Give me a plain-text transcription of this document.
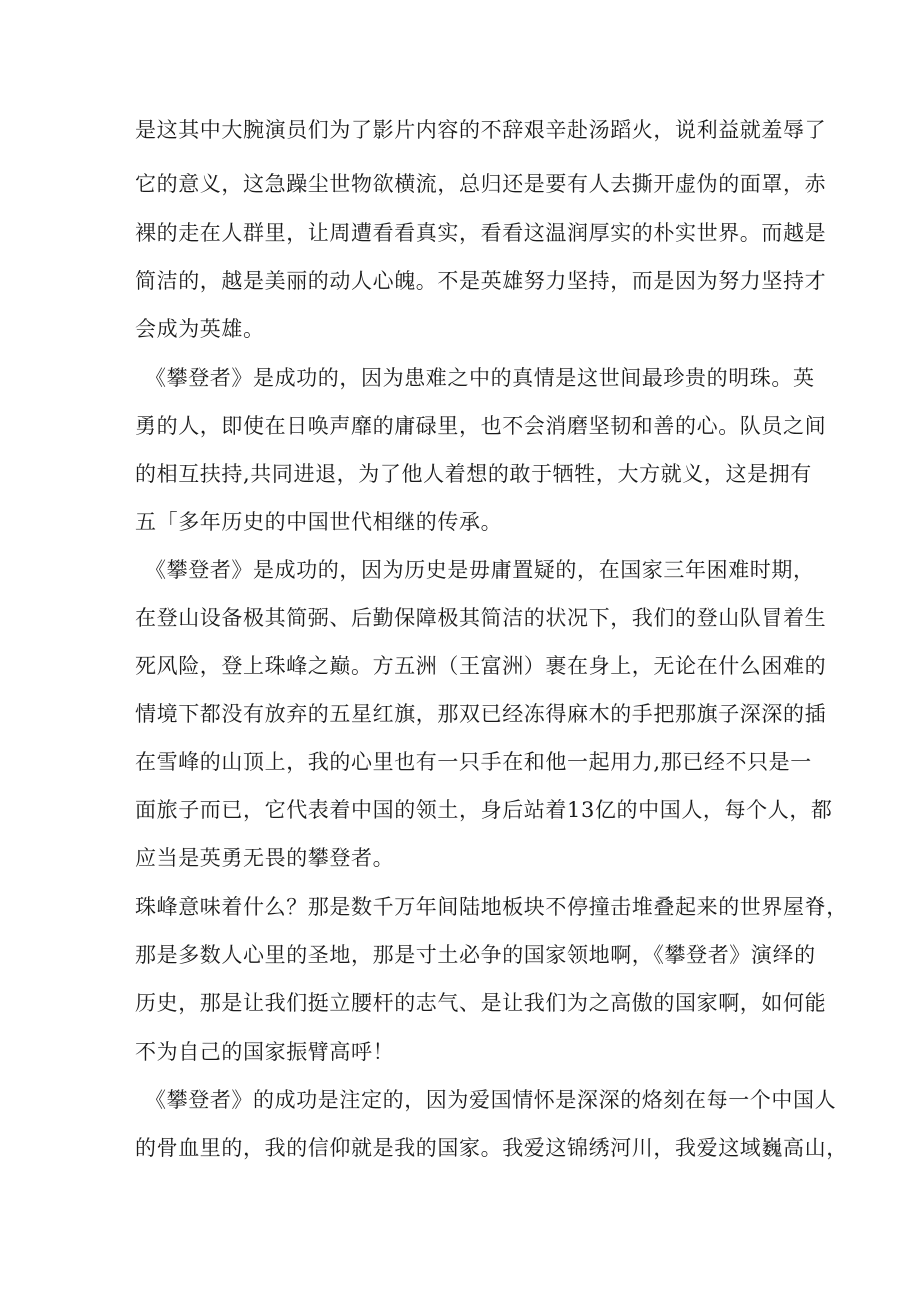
是这其中大腕演员们为了影片内容的不辞艰辛赴汤蹈火，说利益就羞辱了
它的意义，这急躁尘世物欲横流，总归还是要有人去撕开虚伪的面罩，赤
裸的走在人群里，让周遭看看真实，看看这温润厚实的朴实世界。而越是
简洁的，越是美丽的动人心魄。不是英雄努力坚持，而是因为努力坚持才
会成为英雄。
《攀登者》是成功的，因为患难之中的真情是这世间最珍贵的明珠。英
勇的人，即使在日唤声靡的庸碌里，也不会消磨坚韧和善的心。队员之间
的相互扶持,共同进退，为了他人着想的敢于牺牲，大方就义，这是拥有
五「多年历史的中国世代相继的传承。
《攀登者》是成功的，因为历史是毋庸置疑的，在国家三年困难时期，
在登山设备极其简弼、后勤保障极其简洁的状况下，我们的登山队冒着生
死风险，登上珠峰之巅。方五洲（王富洲）裹在身上，无论在什么困难的
情境下都没有放弃的五星红旗，那双已经冻得麻木的手把那旗子深深的插
在雪峰的山顶上，我的心里也有一只手在和他一起用力,那已经不只是一
面旅子而已，它代表着中国的领土，身后站着13亿的中国人，每个人，都
应当是英勇无畏的攀登者。
珠峰意味着什么？那是数千万年间陆地板块不停撞击堆叠起来的世界屋脊，
那是多数人心里的圣地，那是寸土必争的国家领地啊，《攀登者》演绎的
历史，那是让我们挺立腰杆的志气、是让我们为之高傲的国家啊，如何能
不为自己的国家振臂高呼！
《攀登者》的成功是注定的，因为爱国情怀是深深的烙刻在每一个中国人
的骨血里的，我的信仰就是我的国家。我爱这锦绣河川，我爱这域巍高山，
